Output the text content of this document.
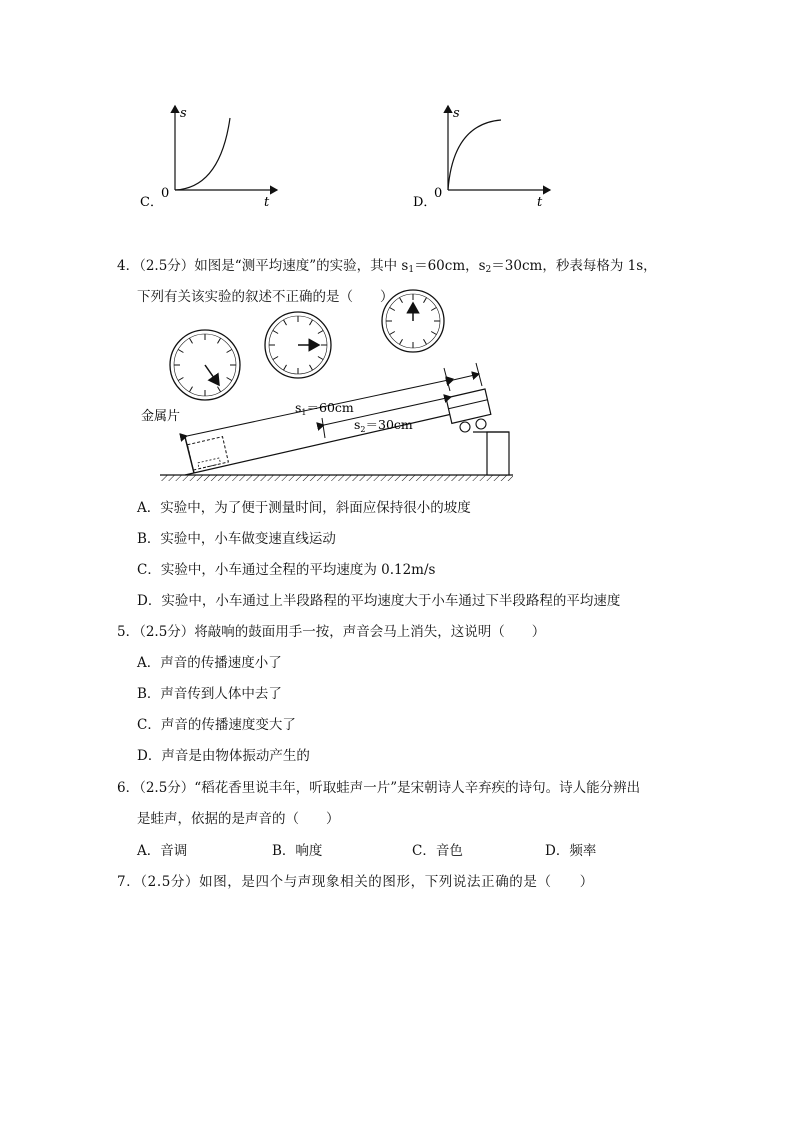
s
t
0
C．
s
t
0
D．
4．（2.5分）如图是“测平均速度”的实验，其中 $s_1=60cm$，$s_2=30cm$，秒表每格为 1s，
下列有关该实验的叙述不正确的是（　　）
金属片
$s_1=60cm$
$s_2=30cm$
A．实验中，为了便于测量时间，斜面应保持很小的坡度
B．实验中，小车做变速直线运动
C．实验中，小车通过全程的平均速度为 0.12m/s
D．实验中，小车通过上半段路程的平均速度大于小车通过下半段路程的平均速度
5．（2.5分）将敲响的鼓面用手一按，声音会马上消失，这说明（　　）
A．声音的传播速度小了
B．声音传到人体中去了
C．声音的传播速度变大了
D．声音是由物体振动产生的
6．（2.5分）“稻花香里说丰年，听取蛙声一片”是宋朝诗人辛弃疾的诗句。诗人能分辨出
是蛙声，依据的是声音的（　　）
A．音调	B．响度	C．音色	D．频率
7．（2.5分）如图，是四个与声现象相关的图形，下列说法正确的是（　　）
